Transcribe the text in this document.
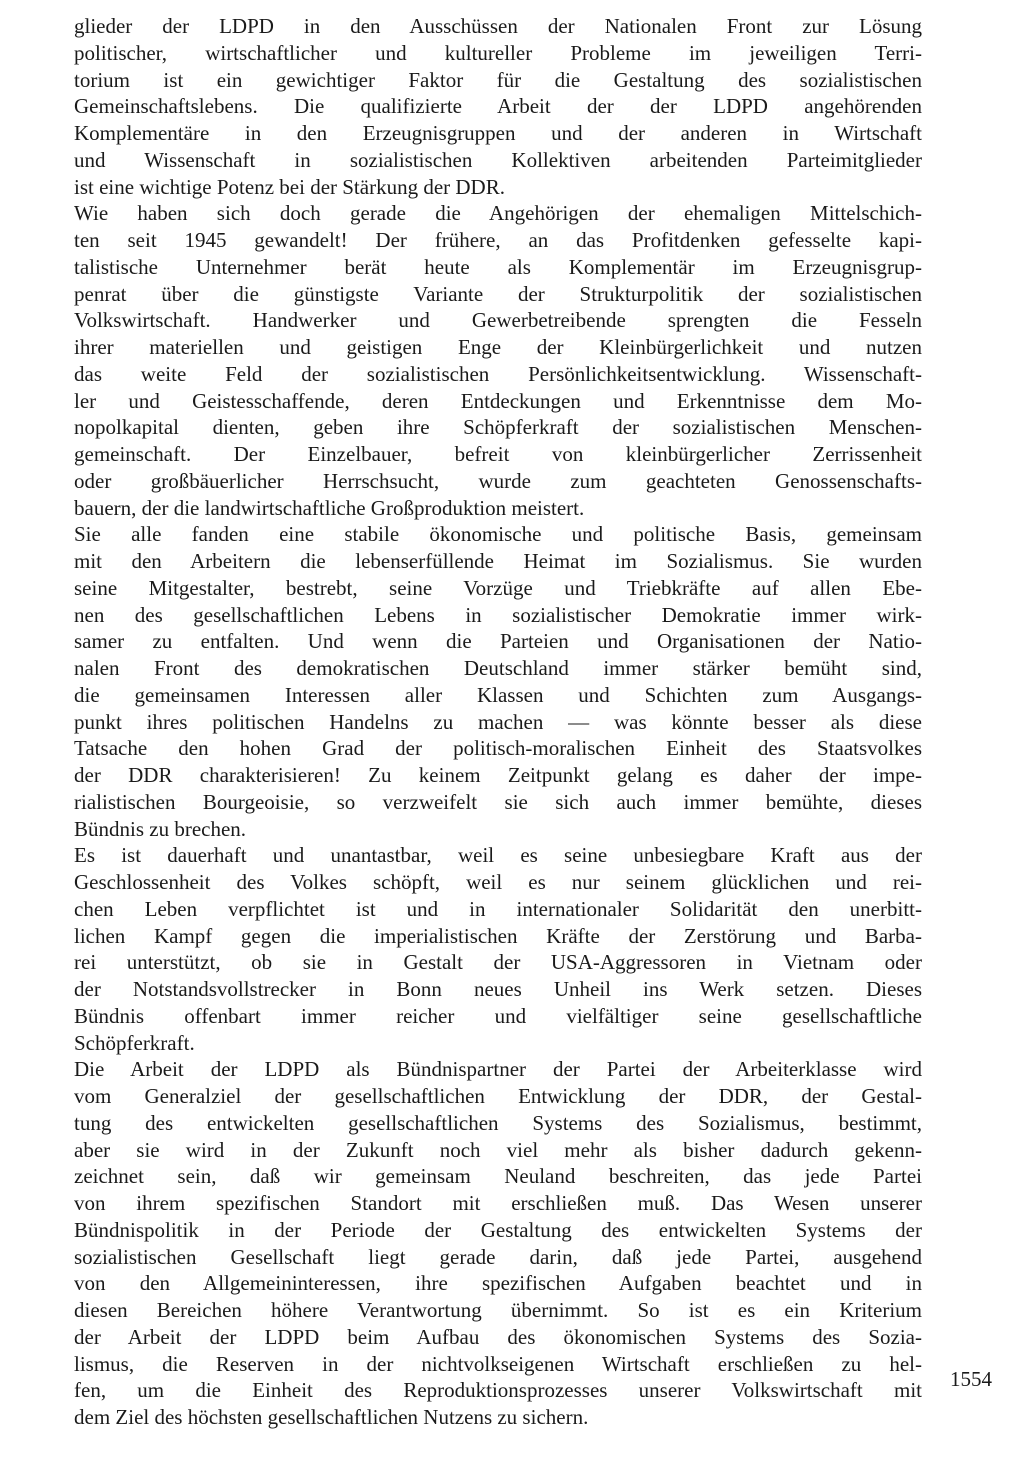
glieder der LDPD in den Ausschüssen der Nationalen Front zur Lösung
politischer, wirtschaftlicher und kultureller Probleme im jeweiligen Terri-
torium ist ein gewichtiger Faktor für die Gestaltung des sozialistischen
Gemeinschaftslebens. Die qualifizierte Arbeit der der LDPD angehörenden
Komplementäre in den Erzeugnisgruppen und der anderen in Wirtschaft
und Wissenschaft in sozialistischen Kollektiven arbeitenden Parteimitglieder
ist eine wichtige Potenz bei der Stärkung der DDR.
Wie haben sich doch gerade die Angehörigen der ehemaligen Mittelschich-
ten seit 1945 gewandelt! Der frühere, an das Profitdenken gefesselte kapi-
talistische Unternehmer berät heute als Komplementär im Erzeugnisgrup-
penrat über die günstigste Variante der Strukturpolitik der sozialistischen
Volkswirtschaft. Handwerker und Gewerbetreibende sprengten die Fesseln
ihrer materiellen und geistigen Enge der Kleinbürgerlichkeit und nutzen
das weite Feld der sozialistischen Persönlichkeitsentwicklung. Wissenschaft-
ler und Geistesschaffende, deren Entdeckungen und Erkenntnisse dem Mo-
nopolkapital dienten, geben ihre Schöpferkraft der sozialistischen Menschen-
gemeinschaft. Der Einzelbauer, befreit von kleinbürgerlicher Zerrissenheit
oder großbäuerlicher Herrschsucht, wurde zum geachteten Genossenschafts-
bauern, der die landwirtschaftliche Großproduktion meistert.
Sie alle fanden eine stabile ökonomische und politische Basis, gemeinsam
mit den Arbeitern die lebenserfüllende Heimat im Sozialismus. Sie wurden
seine Mitgestalter, bestrebt, seine Vorzüge und Triebkräfte auf allen Ebe-
nen des gesellschaftlichen Lebens in sozialistischer Demokratie immer wirk-
samer zu entfalten. Und wenn die Parteien und Organisationen der Natio-
nalen Front des demokratischen Deutschland immer stärker bemüht sind,
die gemeinsamen Interessen aller Klassen und Schichten zum Ausgangs-
punkt ihres politischen Handelns zu machen — was könnte besser als diese
Tatsache den hohen Grad der politisch-moralischen Einheit des Staatsvolkes
der DDR charakterisieren! Zu keinem Zeitpunkt gelang es daher der impe-
rialistischen Bourgeoisie, so verzweifelt sie sich auch immer bemühte, dieses
Bündnis zu brechen.
Es ist dauerhaft und unantastbar, weil es seine unbesiegbare Kraft aus der
Geschlossenheit des Volkes schöpft, weil es nur seinem glücklichen und rei-
chen Leben verpflichtet ist und in internationaler Solidarität den unerbitt-
lichen Kampf gegen die imperialistischen Kräfte der Zerstörung und Barba-
rei unterstützt, ob sie in Gestalt der USA-Aggressoren in Vietnam oder
der Notstandsvollstrecker in Bonn neues Unheil ins Werk setzen. Dieses
Bündnis offenbart immer reicher und vielfältiger seine gesellschaftliche
Schöpferkraft.
Die Arbeit der LDPD als Bündnispartner der Partei der Arbeiterklasse wird
vom Generalziel der gesellschaftlichen Entwicklung der DDR, der Gestal-
tung des entwickelten gesellschaftlichen Systems des Sozialismus, bestimmt,
aber sie wird in der Zukunft noch viel mehr als bisher dadurch gekenn-
zeichnet sein, daß wir gemeinsam Neuland beschreiten, das jede Partei
von ihrem spezifischen Standort mit erschließen muß. Das Wesen unserer
Bündnispolitik in der Periode der Gestaltung des entwickelten Systems der
sozialistischen Gesellschaft liegt gerade darin, daß jede Partei, ausgehend
von den Allgemeininteressen, ihre spezifischen Aufgaben beachtet und in
diesen Bereichen höhere Verantwortung übernimmt. So ist es ein Kriterium
der Arbeit der LDPD beim Aufbau des ökonomischen Systems des Sozia-
lismus, die Reserven in der nichtvolkseigenen Wirtschaft erschließen zu hel-
fen, um die Einheit des Reproduktionsprozesses unserer Volkswirtschaft mit
dem Ziel des höchsten gesellschaftlichen Nutzens zu sichern.
1554
